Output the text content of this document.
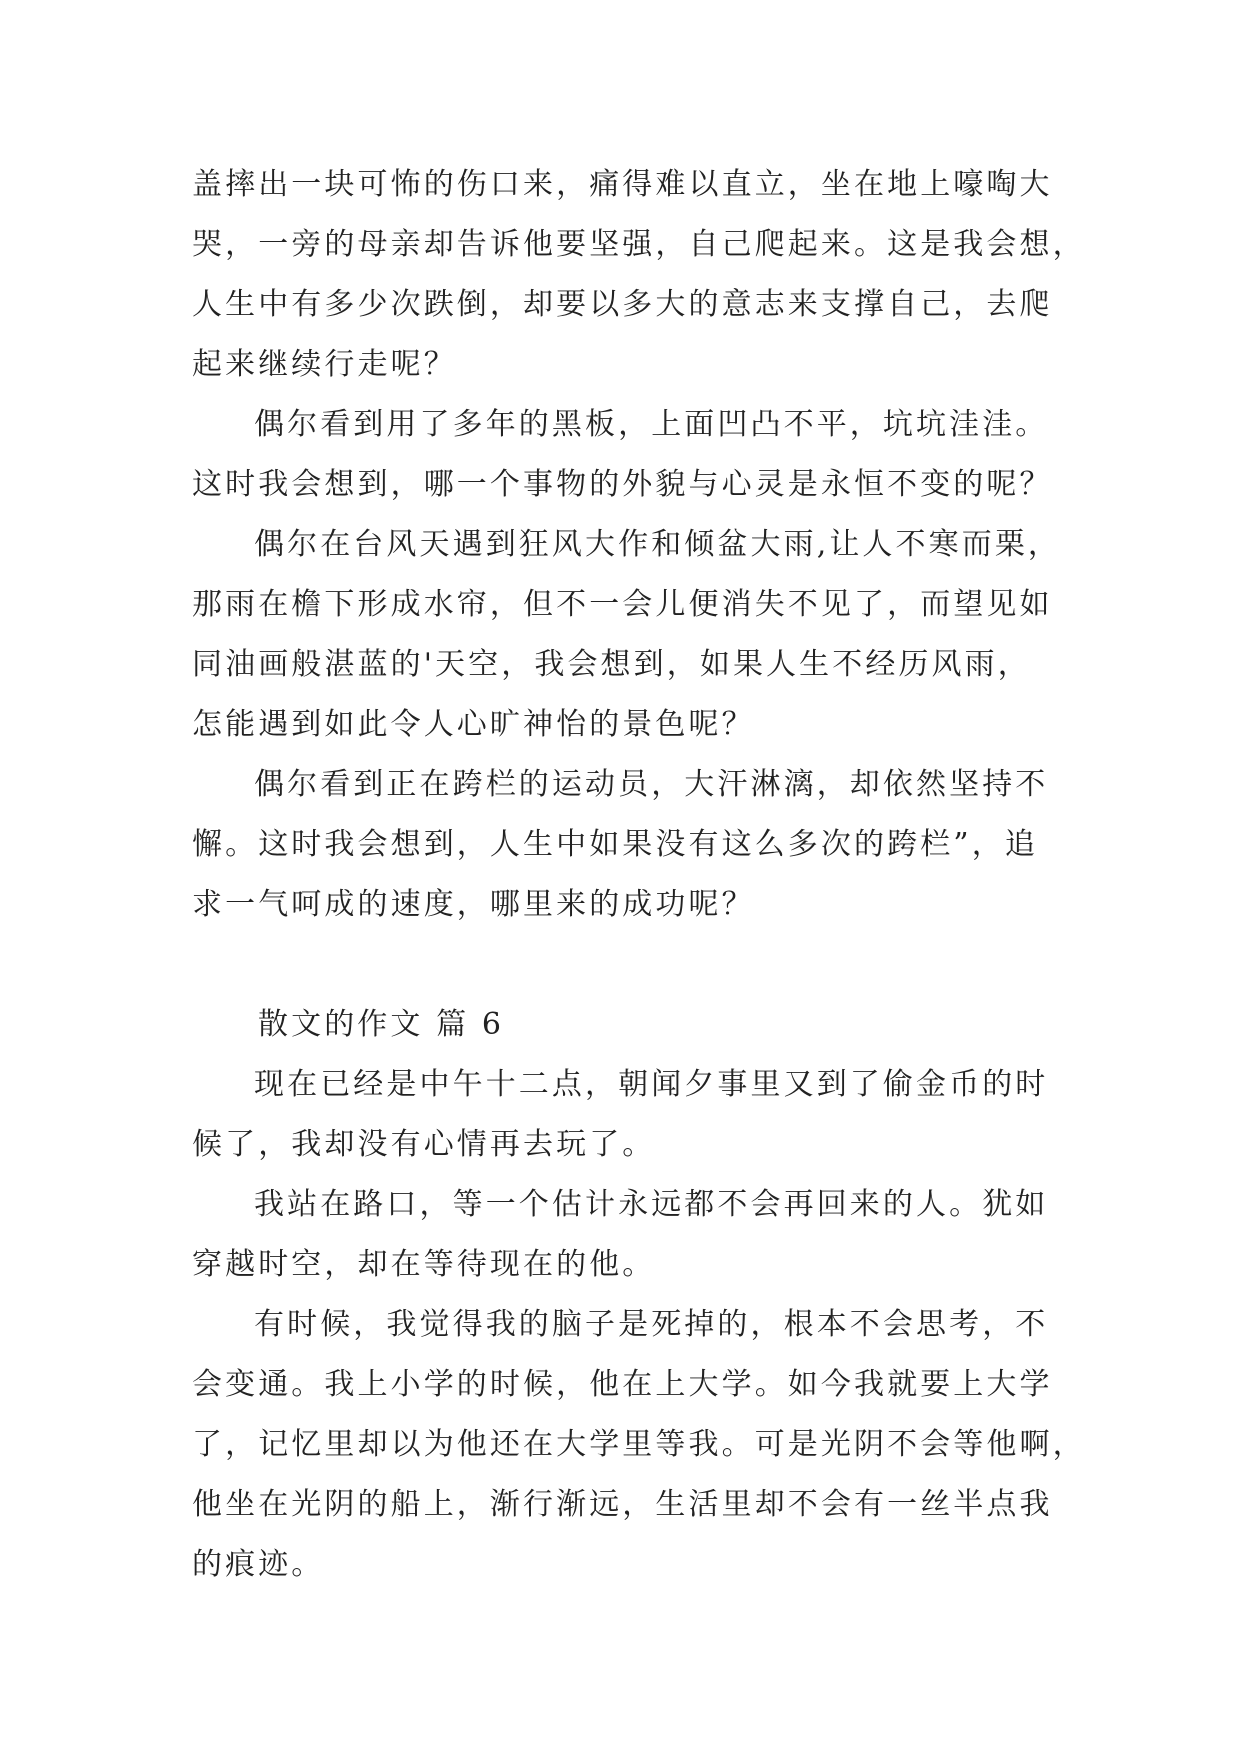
盖摔出一块可怖的伤口来，痛得难以直立，坐在地上嚎啕大
哭，一旁的母亲却告诉他要坚强，自己爬起来。这是我会想，
人生中有多少次跌倒，却要以多大的意志来支撑自己，去爬
起来继续行走呢？
偶尔看到用了多年的黑板，上面凹凸不平，坑坑洼洼。
这时我会想到，哪一个事物的外貌与心灵是永恒不变的呢？
偶尔在台风天遇到狂风大作和倾盆大雨,让人不寒而栗，
那雨在檐下形成水帘，但不一会儿便消失不见了，而望见如
同油画般湛蓝的'天空，我会想到，如果人生不经历风雨，
怎能遇到如此令人心旷神怡的景色呢？
偶尔看到正在跨栏的运动员，大汗淋漓，却依然坚持不
懈。这时我会想到，人生中如果没有这么多次的跨栏”，追
求一气呵成的速度，哪里来的成功呢？
散文的作文 篇 6
现在已经是中午十二点，朝闻夕事里又到了偷金币的时
候了，我却没有心情再去玩了。
我站在路口，等一个估计永远都不会再回来的人。犹如
穿越时空，却在等待现在的他。
有时候，我觉得我的脑子是死掉的，根本不会思考，不
会变通。我上小学的时候，他在上大学。如今我就要上大学
了，记忆里却以为他还在大学里等我。可是光阴不会等他啊，
他坐在光阴的船上，渐行渐远，生活里却不会有一丝半点我
的痕迹。
